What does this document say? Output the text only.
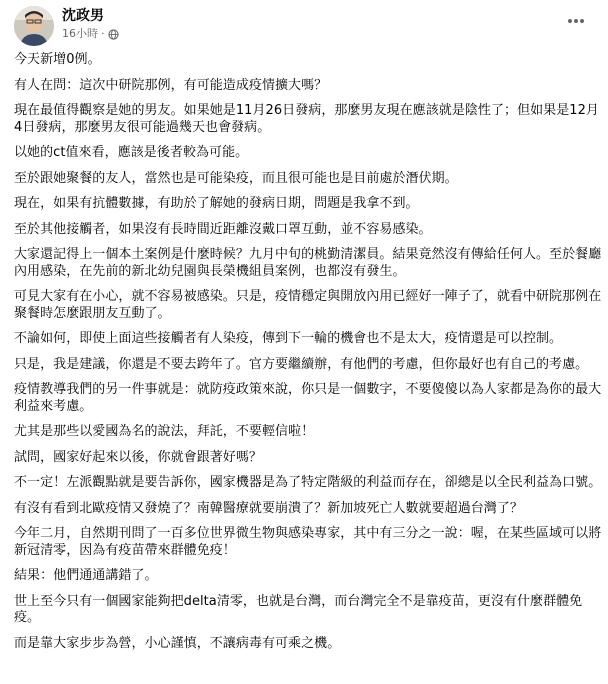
沈政男
16小時 ·

今天新增0例。

有人在問：這次中研院那例，有可能造成疫情擴大嗎？

現在最值得觀察是她的男友。如果她是11月26日發病，那麼男友現在應該就是陰性了；但如果是12月4日發病，那麼男友很可能過幾天也會發病。

以她的ct值來看，應該是後者較為可能。

至於跟她聚餐的友人，當然也是可能染疫，而且很可能也是目前處於潛伏期。

現在，如果有抗體數據，有助於了解她的發病日期，問題是我拿不到。

至於其他接觸者，如果沒有長時間近距離沒戴口罩互動，並不容易感染。

大家還記得上一個本土案例是什麼時候？九月中旬的桃勤清潔員。結果竟然沒有傳給任何人。至於餐廳內用感染，在先前的新北幼兒園與長榮機組員案例，也都沒有發生。

可見大家有在小心，就不容易被感染。只是，疫情穩定與開放內用已經好一陣子了，就看中研院那例在聚餐時怎麼跟朋友互動了。

不論如何，即使上面這些接觸者有人染疫，傳到下一輪的機會也不是太大，疫情還是可以控制。

只是，我是建議，你還是不要去跨年了。官方要繼續辦，有他們的考慮，但你最好也有自己的考慮。

疫情教導我們的另一件事就是：就防疫政策來說，你只是一個數字，不要傻傻以為人家都是為你的最大利益來考慮。

尤其是那些以愛國為名的說法，拜託，不要輕信啦！

試問，國家好起來以後，你就會跟著好嗎？

不一定！左派觀點就是要告訴你，國家機器是為了特定階級的利益而存在，卻總是以全民利益為口號。

有沒有看到北歐疫情又發燒了？南韓醫療就要崩潰了？新加坡死亡人數就要超過台灣了？

今年二月，自然期刊問了一百多位世界微生物與感染專家，其中有三分之一說：喔，在某些區域可以將新冠清零，因為有疫苗帶來群體免疫！

結果：他們通通講錯了。

世上至今只有一個國家能夠把delta清零，也就是台灣，而台灣完全不是靠疫苗，更沒有什麼群體免疫。

而是靠大家步步為營，小心謹慎，不讓病毒有可乘之機。
